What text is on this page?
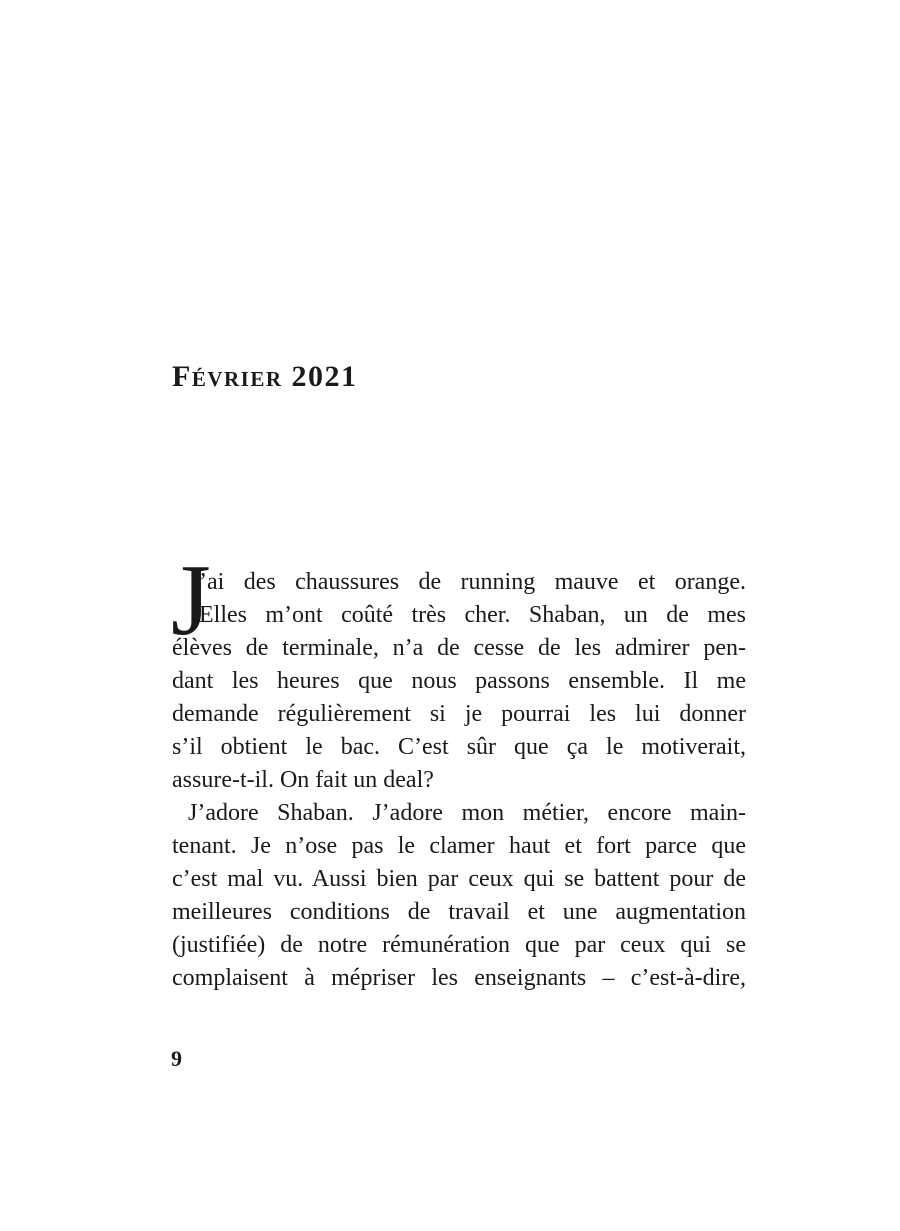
Février 2021
J
’ai des chaussures de running mauve et orange.
Elles m’ont coûté très cher. Shaban, un de mes
élèves de terminale, n’a de cesse de les admirer pen-
dant les heures que nous passons ensemble. Il me
demande régulièrement si je pourrai les lui donner
s’il obtient le bac. C’est sûr que ça le motiverait,
assure-t-il. On fait un deal?
J’adore Shaban. J’adore mon métier, encore main-
tenant. Je n’ose pas le clamer haut et fort parce que
c’est mal vu. Aussi bien par ceux qui se battent pour de
meilleures conditions de travail et une augmentation
(justifiée) de notre rémunération que par ceux qui se
complaisent à mépriser les enseignants – c’est-à-dire,
9
